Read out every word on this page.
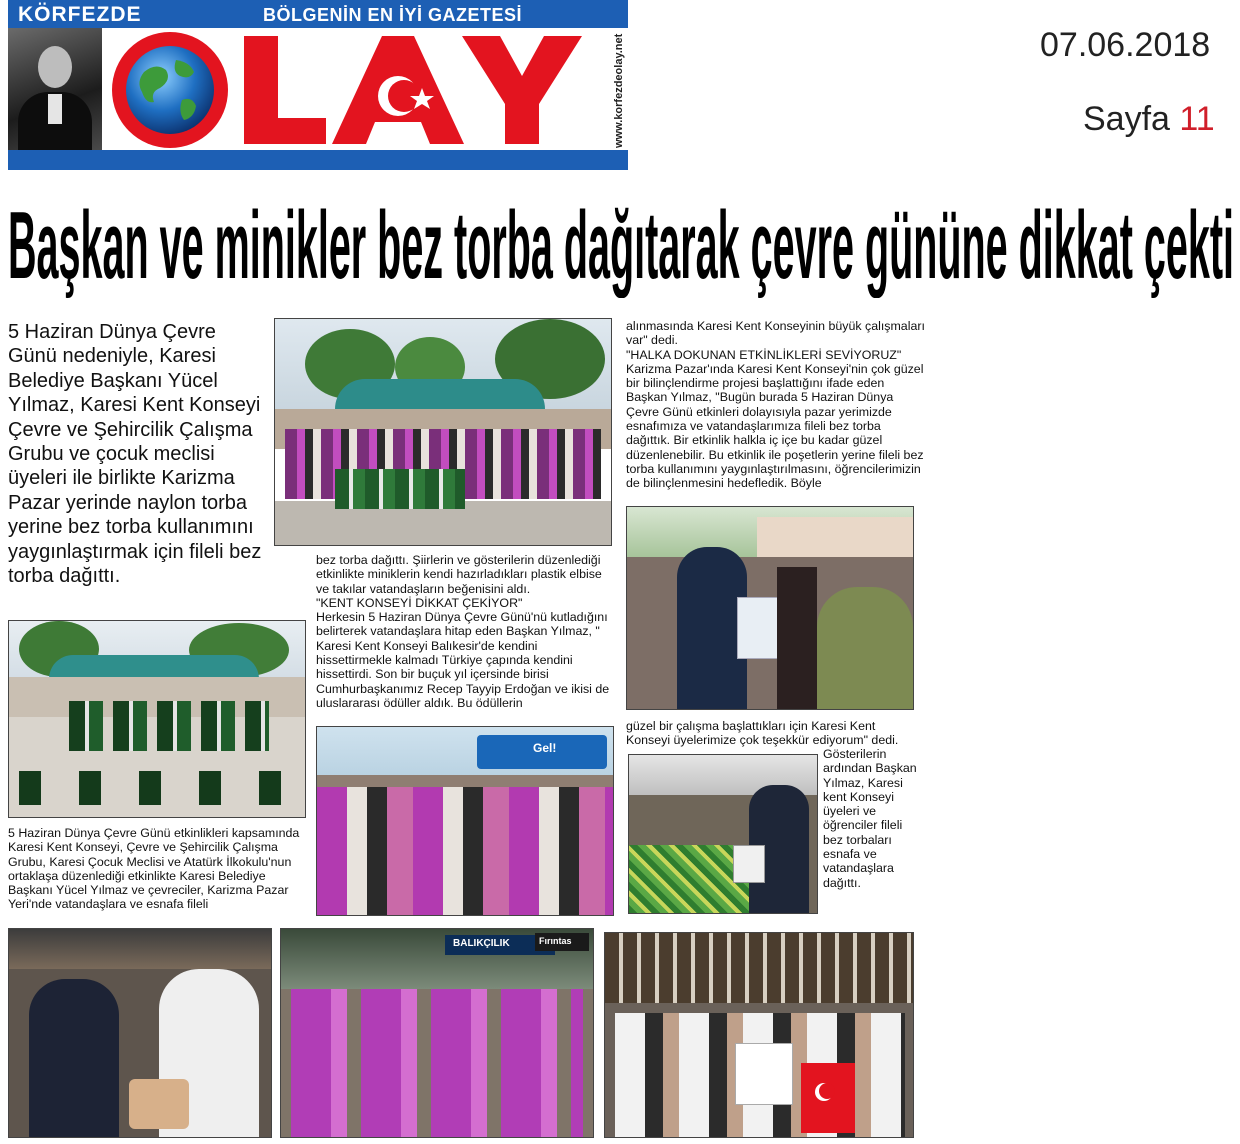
KÖRFEZDE	BÖLGENİN EN İYİ GAZETESİ
www.korfezdeolay.net	07.06.2018
Sayfa 11
Başkan ve minikler bez torba dağıtarak çevre gününe dikkat çekti
5 Haziran Dünya Çevre Günü nedeniyle, Karesi Belediye Başkanı Yücel Yılmaz, Karesi Kent Konseyi Çevre ve Şehircilik Çalışma Grubu ve çocuk meclisi üyeleri ile birlikte Karizma Pazar yerinde naylon torba yerine bez torba kullanımını yaygınlaştırmak için fileli bez torba dağıttı.
5 Haziran Dünya Çevre Günü etkinlikleri kapsamında Karesi Kent Konseyi, Çevre ve Şehircilik Çalışma Grubu, Karesi Çocuk Meclisi ve Atatürk İlkokulu'nun ortaklaşa düzenlediği etkinlikte Karesi Belediye Başkanı Yücel Yılmaz ve çevreciler, Karizma Pazar Yeri'nde vatandaşlara ve esnafa fileli

bez torba dağıttı. Şiirlerin ve gösterilerin düzenlediği etkinlikte miniklerin kendi hazırladıkları plastik elbise ve takılar vatandaşların beğenisini aldı.

"KENT KONSEYİ DİKKAT ÇEKİYOR"

Herkesin 5 Haziran Dünya Çevre Günü'nü kutladığını belirterek vatandaşlara hitap eden Başkan Yılmaz, " Karesi Kent Konseyi Balıkesir'de kendini hissettirmekle kalmadı Türkiye çapında kendini hissettirdi. Son bir buçuk yıl içersinde birisi Cumhurbaşkanımız Recep Tayyip Erdoğan ve ikisi de uluslararası ödüller aldık. Bu ödüllerin

Gel!

alınmasında Karesi Kent Konseyinin büyük çalışmaları var" dedi.

"HALKA DOKUNAN ETKİNLİKLERİ SEVİYORUZ"

Karizma Pazar'ında Karesi Kent Konseyi'nin çok güzel bir bilinçlendirme projesi başlattığını ifade eden Başkan Yılmaz, "Bugün burada 5 Haziran Dünya Çevre Günü etkinleri dolayısıyla pazar yerimizde esnafımıza ve vatandaşlarımıza fileli bez torba dağıttık. Bir etkinlik halkla iç içe bu kadar güzel düzenlenebilir. Bu etkinlik ile poşetlerin yerine fileli bez torba kullanımını yaygınlaştırılmasını, öğrencilerimizin de bilinçlenmesini hedefledik. Böyle

güzel bir çalışma başlattıkları için Karesi Kent Konseyi üyelerimize çok teşekkür ediyorum" dedi.
Gösterilerin ardından Başkan Yılmaz, Karesi kent Konseyi üyeleri ve öğrenciler fileli bez torbaları esnafa ve vatandaşlara dağıttı.
BALIKÇILIK	Fırıntas
